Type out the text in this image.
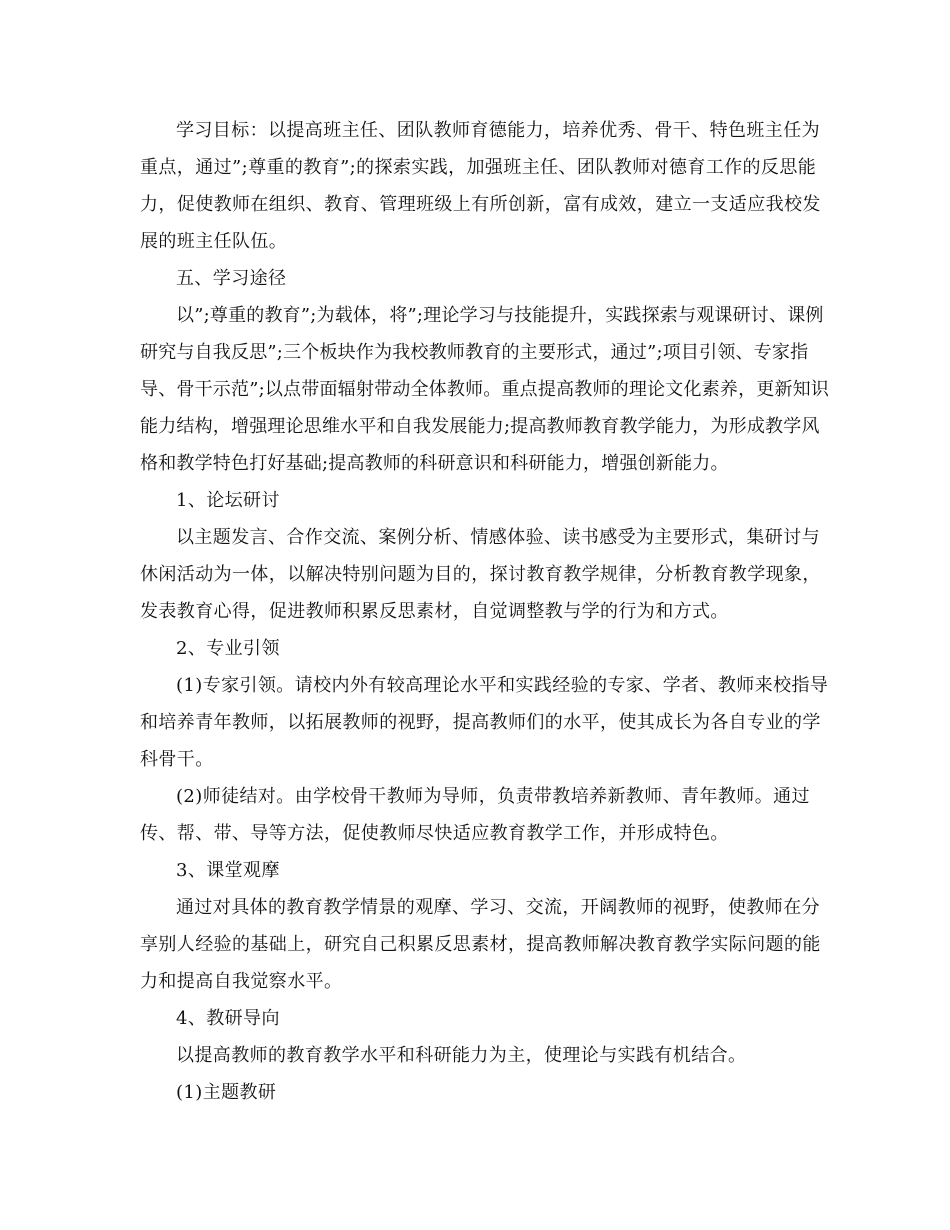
学习目标：以提高班主任、团队教师育德能力，培养优秀、骨干、特色班主任为重点，通过”;尊重的教育”;的探索实践，加强班主任、团队教师对德育工作的反思能力，促使教师在组织、教育、管理班级上有所创新，富有成效，建立一支适应我校发展的班主任队伍。

五、学习途径

以”;尊重的教育”;为载体，将”;理论学习与技能提升，实践探索与观课研讨、课例研究与自我反思”;三个板块作为我校教师教育的主要形式，通过”;项目引领、专家指导、骨干示范”;以点带面辐射带动全体教师。重点提高教师的理论文化素养，更新知识能力结构，增强理论思维水平和自我发展能力;提高教师教育教学能力，为形成教学风格和教学特色打好基础;提高教师的科研意识和科研能力，增强创新能力。

1、论坛研讨

以主题发言、合作交流、案例分析、情感体验、读书感受为主要形式，集研讨与休闲活动为一体，以解决特别问题为目的，探讨教育教学规律，分析教育教学现象，发表教育心得，促进教师积累反思素材，自觉调整教与学的行为和方式。

2、专业引领

(1)专家引领。请校内外有较高理论水平和实践经验的专家、学者、教师来校指导和培养青年教师，以拓展教师的视野，提高教师们的水平，使其成长为各自专业的学科骨干。

(2)师徒结对。由学校骨干教师为导师，负责带教培养新教师、青年教师。通过传、帮、带、导等方法，促使教师尽快适应教育教学工作，并形成特色。

3、课堂观摩

通过对具体的教育教学情景的观摩、学习、交流，开阔教师的视野，使教师在分享别人经验的基础上，研究自己积累反思素材，提高教师解决教育教学实际问题的能力和提高自我觉察水平。

4、教研导向

以提高教师的教育教学水平和科研能力为主，使理论与实践有机结合。

(1)主题教研
